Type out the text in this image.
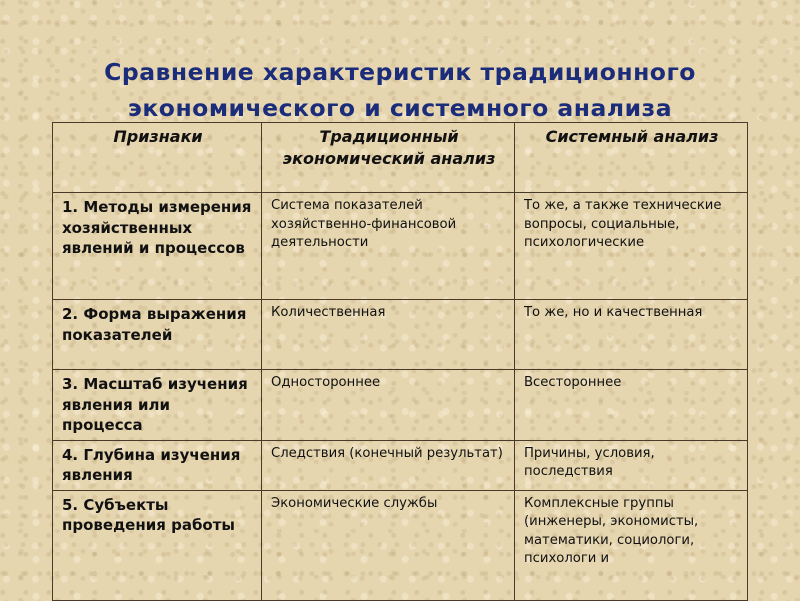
Сравнение характеристик традиционного
экономического и системного анализа
Признаки	Традиционный экономический анализ	Системный анализ
1. Методы измерения хозяйственных явлений и процессов	Система показателей хозяйственно-финансовой деятельности	То же, а также технические вопросы, социальные, психологические
2. Форма выражения показателей	Количественная	То же, но и качественная
3. Масштаб изучения явления или процесса	Одностороннее	Всестороннее
4. Глубина изучения явления	Следствия (конечный результат)	Причины, условия, последствия
5. Субъекты проведения работы	Экономические службы	Комплексные группы (инженеры, экономисты, математики, социологи, психологи и
